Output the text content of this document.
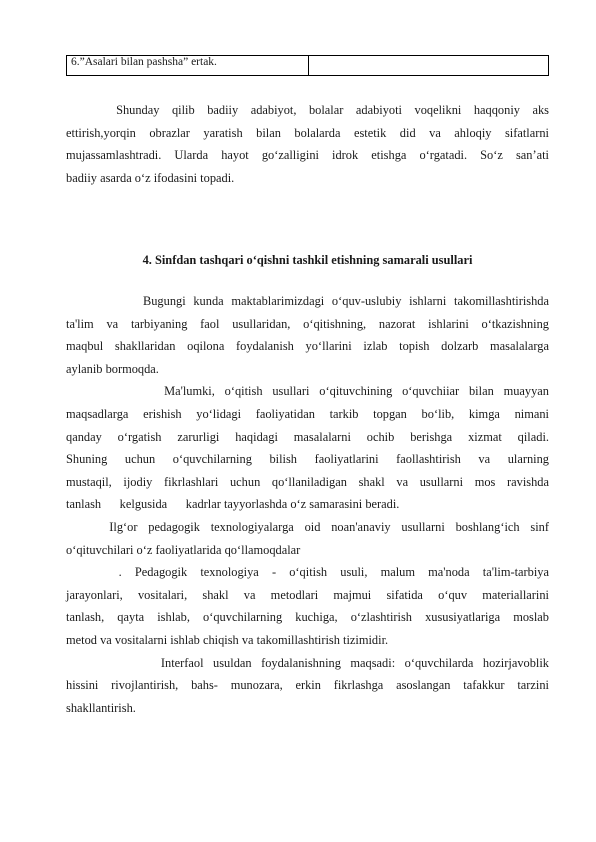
6.”Asalari bilan pashsha” ertak.	
Shunday qilib badiiy adabiyot, bolalar adabiyoti voqelikni haqqoniy aks
ettirish,yorqin obrazlar yaratish bilan bolalarda estetik did va ahloqiy sifatlarni
mujassamlashtradi. Ularda hayot go‘zalligini idrok etishga o‘rgatadi. So‘z san’ati
badiiy asarda o‘z ifodasini topadi.
4. Sinfdan tashqari o‘qishni tashkil etishning samarali usullari
Bugungi kunda maktablarimizdagi o‘quv-uslubiy ishlarni takomillashtirishda
ta'lim va tarbiyaning faol usullaridan, o‘qitishning, nazorat ishlarini o‘tkazishning
maqbul shakllaridan oqilona foydalanish yo‘llarini izlab topish dolzarb masalalarga
aylanib bormoqda.
Ma'lumki, o‘qitish usullari o‘qituvchining o‘quvchiiar bilan muayyan
maqsadlarga erishish yo‘lidagi faoliyatidan tarkib topgan bo‘lib, kimga nimani
qanday o‘rgatish zarurligi haqidagi masalalarni ochib berishga xizmat qiladi.
Shuning uchun o‘quvchilarning bilish faoliyatlarini faollashtirish va ularning
mustaqil, ijodiy fikrlashlari uchun qo‘llaniladigan shakl va usullarni mos ravishda
tanlash      kelgusida      kadrlar tayyorlashda o‘z samarasini beradi.
Ilg‘or pedagogik texnologiyalarga oid noan'anaviy usullarni boshlang‘ich sinf
o‘qituvchilari o‘z faoliyatlarida qo‘llamoqdalar
. Pedagogik texnologiya - o‘qitish usuli, malum ma'noda ta'lim-tarbiya
jarayonlari, vositalari, shakl va metodlari majmui sifatida o‘quv materiallarini
tanlash, qayta ishlab, o‘quvchilarning kuchiga, o‘zlashtirish xususiyatlariga moslab
metod va vositalarni ishlab chiqish va takomillashtirish tizimidir.
Interfaol usuldan foydalanishning maqsadi: o‘quvchilarda hozirjavoblik
hissini rivojlantirish, bahs- munozara, erkin fikrlashga asoslangan tafakkur tarzini
shakllantirish.
